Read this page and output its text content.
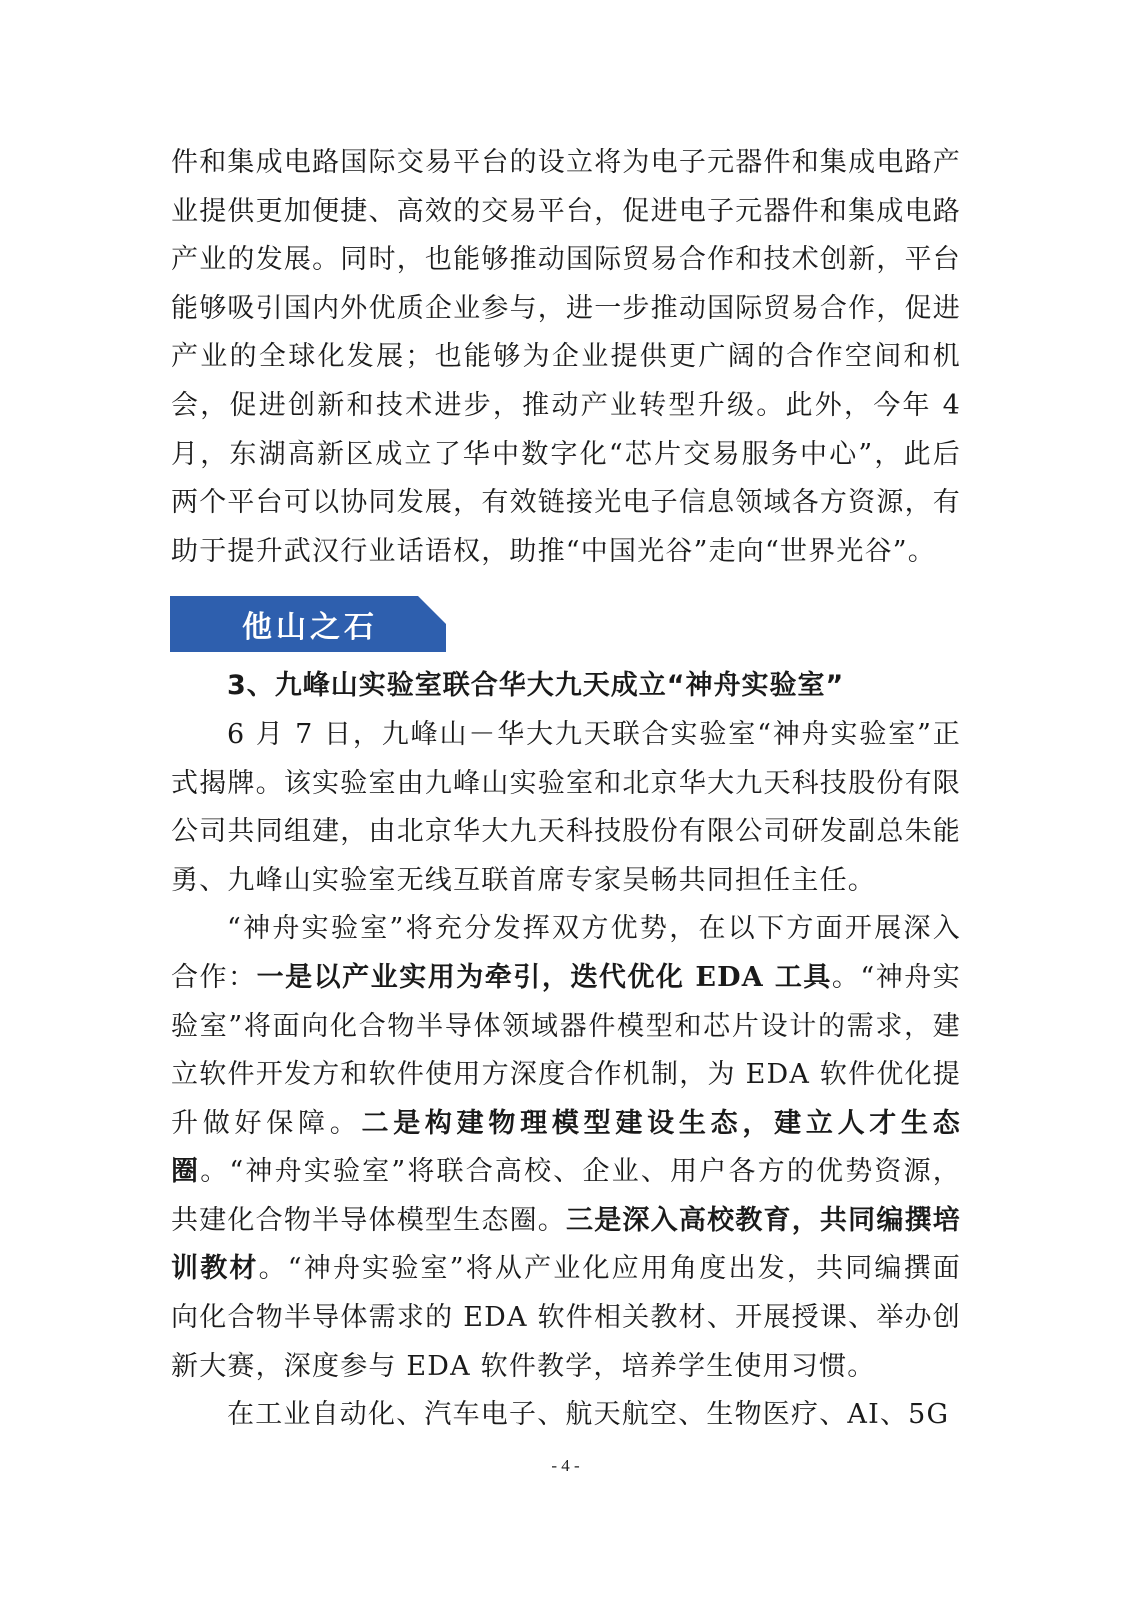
件和集成电路国际交易平台的设立将为电子元器件和集成电路产业提供更加便捷、高效的交易平台，促进电子元器件和集成电路产业的发展。同时，也能够推动国际贸易合作和技术创新，平台能够吸引国内外优质企业参与，进一步推动国际贸易合作，促进产业的全球化发展；也能够为企业提供更广阔的合作空间和机会，促进创新和技术进步，推动产业转型升级。此外，今年 4 月，东湖高新区成立了华中数字化“芯片交易服务中心”，此后两个平台可以协同发展，有效链接光电子信息领域各方资源，有助于提升武汉行业话语权，助推“中国光谷”走向“世界光谷”。

他山之石

3、九峰山实验室联合华大九天成立“神舟实验室”

6 月 7 日，九峰山－华大九天联合实验室“神舟实验室”正式揭牌。该实验室由九峰山实验室和北京华大九天科技股份有限公司共同组建，由北京华大九天科技股份有限公司研发副总朱能勇、九峰山实验室无线互联首席专家吴畅共同担任主任。

“神舟实验室”将充分发挥双方优势，在以下方面开展深入合作：一是以产业实用为牵引，迭代优化 EDA 工具。“神舟实验室”将面向化合物半导体领域器件模型和芯片设计的需求，建立软件开发方和软件使用方深度合作机制，为 EDA 软件优化提升做好保障。二是构建物理模型建设生态，建立人才生态圈。“神舟实验室”将联合高校、企业、用户各方的优势资源，共建化合物半导体模型生态圈。三是深入高校教育，共同编撰培训教材。“神舟实验室”将从产业化应用角度出发，共同编撰面向化合物半导体需求的 EDA 软件相关教材、开展授课、举办创新大赛，深度参与 EDA 软件教学，培养学生使用习惯。

在工业自动化、汽车电子、航天航空、生物医疗、AI、5G

- 4 -
